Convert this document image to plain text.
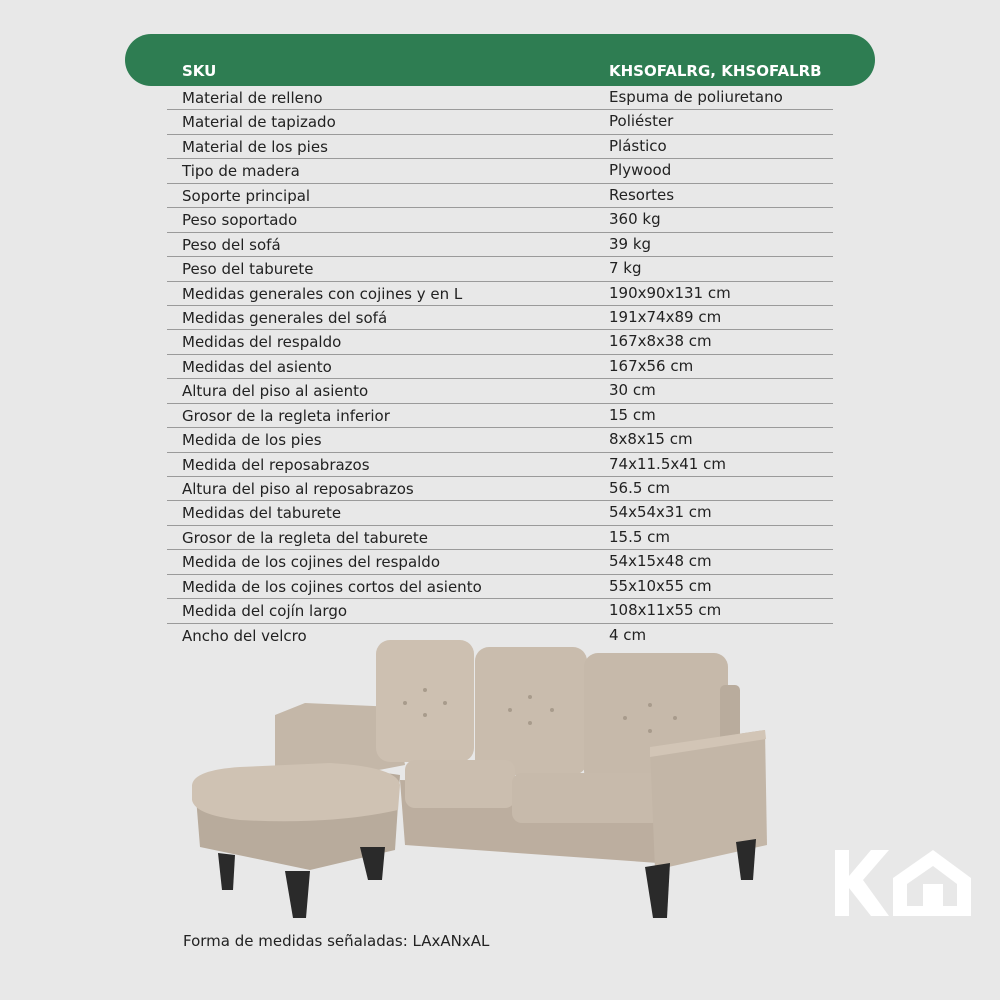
SKU	KHSOFALRG, KHSOFALRB
Material de relleno	Espuma de poliuretano
Material de tapizado	Poliéster
Material de los pies	Plástico
Tipo de madera	Plywood
Soporte principal	Resortes
Peso soportado	360 kg
Peso del sofá	39 kg
Peso del taburete	7 kg
Medidas generales con cojines y en L	190x90x131 cm
Medidas generales del sofá	191x74x89 cm
Medidas del respaldo	167x8x38 cm
Medidas del asiento	167x56 cm
Altura del piso al asiento	30 cm
Grosor de la regleta inferior	15 cm
Medida de los pies	8x8x15 cm
Medida del reposabrazos	74x11.5x41 cm
Altura del piso al reposabrazos	56.5 cm
Medidas del taburete	54x54x31 cm
Grosor de la regleta del taburete	15.5 cm
Medida de los cojines del respaldo	54x15x48 cm
Medida de los cojines cortos del asiento	55x10x55 cm
Medida del cojín largo	108x11x55 cm
Ancho del velcro	4 cm
Forma de medidas señaladas: LAxANxAL
